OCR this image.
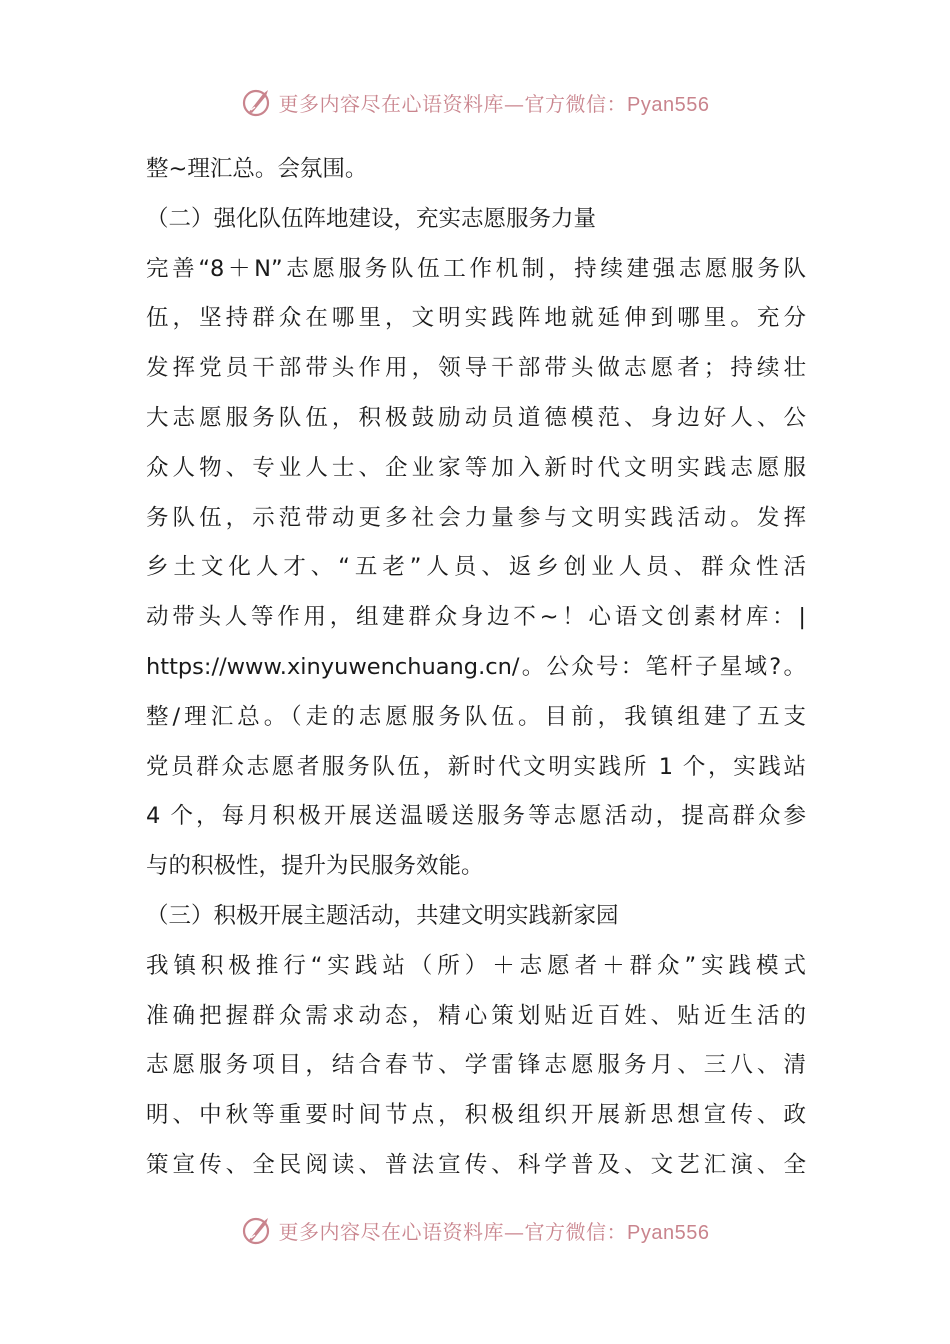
更多内容尽在心语资料库—官方微信：Pyan556
整~理汇总。会氛围。
（二）强化队伍阵地建设，充实志愿服务力量
完善“8＋N”志愿服务队伍工作机制，持续建强志愿服务队
伍，坚持群众在哪里，文明实践阵地就延伸到哪里。充分
发挥党员干部带头作用，领导干部带头做志愿者；持续壮
大志愿服务队伍，积极鼓励动员道德模范、身边好人、公
众人物、专业人士、企业家等加入新时代文明实践志愿服
务队伍，示范带动更多社会力量参与文明实践活动。发挥
乡土文化人才、“五老”人员、返乡创业人员、群众性活
动带头人等作用，组建群众身边不~！心语文创素材库：|
https://www.xinyuwenchuang.cn/。公众号：笔杆子星域?。
整/理汇总。（走的志愿服务队伍。目前，我镇组建了五支
党员群众志愿者服务队伍，新时代文明实践所 1 个，实践站
4 个，每月积极开展送温暖送服务等志愿活动，提高群众参
与的积极性，提升为民服务效能。
（三）积极开展主题活动，共建文明实践新家园
我镇积极推行“实践站（所）＋志愿者＋群众”实践模式
准确把握群众需求动态，精心策划贴近百姓、贴近生活的
志愿服务项目，结合春节、学雷锋志愿服务月、三八、清
明、中秋等重要时间节点，积极组织开展新思想宣传、政
策宣传、全民阅读、普法宣传、科学普及、文艺汇演、全
更多内容尽在心语资料库—官方微信：Pyan556
